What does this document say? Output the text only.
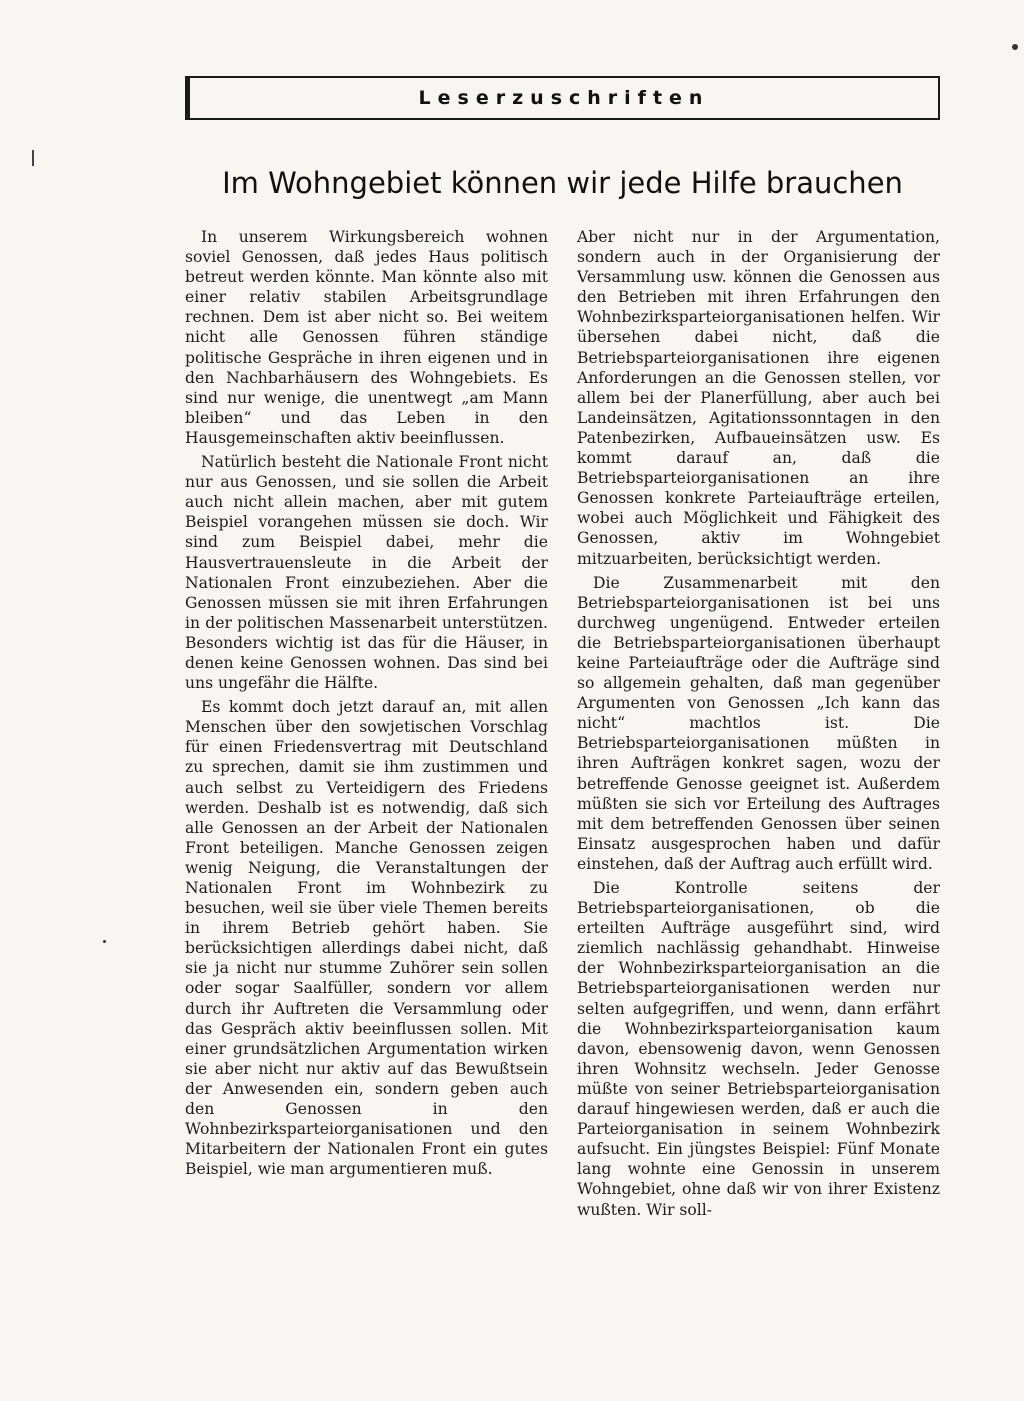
Leserzuschriften
Im Wohngebiet können wir jede Hilfe brauchen

In unserem Wirkungsbereich wohnen soviel Genossen, daß jedes Haus politisch betreut werden könnte. Man könnte also mit einer relativ stabilen Arbeitsgrundlage rechnen. Dem ist aber nicht so. Bei weitem nicht alle Genossen führen ständige politische Gespräche in ihren eigenen und in den Nachbarhäusern des Wohngebiets. Es sind nur wenige, die unentwegt „am Mann bleiben“ und das Leben in den Hausgemeinschaften aktiv beeinflussen.

Natürlich besteht die Nationale Front nicht nur aus Genossen, und sie sollen die Arbeit auch nicht allein machen, aber mit gutem Beispiel vorangehen müssen sie doch. Wir sind zum Beispiel dabei, mehr die Hausvertrauensleute in die Arbeit der Nationalen Front einzubeziehen. Aber die Genossen müssen sie mit ihren Erfahrungen in der politischen Massenarbeit unterstützen. Besonders wichtig ist das für die Häuser, in denen keine Genossen wohnen. Das sind bei uns ungefähr die Hälfte.

Es kommt doch jetzt darauf an, mit allen Menschen über den sowjetischen Vorschlag für einen Friedensvertrag mit Deutschland zu sprechen, damit sie ihm zustimmen und auch selbst zu Verteidigern des Friedens werden. Deshalb ist es notwendig, daß sich alle Genossen an der Arbeit der Nationalen Front beteiligen. Manche Genossen zeigen wenig Neigung, die Veranstaltungen der Nationalen Front im Wohnbezirk zu besuchen, weil sie über viele Themen bereits in ihrem Betrieb gehört haben. Sie berücksichtigen allerdings dabei nicht, daß sie ja nicht nur stumme Zuhörer sein sollen oder sogar Saalfüller, sondern vor allem durch ihr Auftreten die Versammlung oder das Gespräch aktiv beeinflussen sollen. Mit einer grundsätzlichen Argumentation wirken sie aber nicht nur aktiv auf das Bewußtsein der Anwesenden ein, sondern geben auch den Genossen in den Wohnbezirksparteiorganisationen und den Mitarbeitern der Nationalen Front ein gutes Beispiel, wie man argumentieren muß.

Aber nicht nur in der Argumentation, sondern auch in der Organisierung der Versammlung usw. können die Genossen aus den Betrieben mit ihren Erfahrungen den Wohnbezirksparteiorganisationen helfen. Wir übersehen dabei nicht, daß die Betriebsparteiorganisationen ihre eigenen Anforderungen an die Genossen stellen, vor allem bei der Planerfüllung, aber auch bei Landeinsätzen, Agitationssonntagen in den Patenbezirken, Aufbaueinsätzen usw. Es kommt darauf an, daß die Betriebsparteiorganisationen an ihre Genossen konkrete Parteiaufträge erteilen, wobei auch Möglichkeit und Fähigkeit des Genossen, aktiv im Wohngebiet mitzuarbeiten, berücksichtigt werden.

Die Zusammenarbeit mit den Betriebsparteiorganisationen ist bei uns durchweg ungenügend. Entweder erteilen die Betriebsparteiorganisationen überhaupt keine Parteiaufträge oder die Aufträge sind so allgemein gehalten, daß man gegenüber Argumenten von Genossen „Ich kann das nicht“ machtlos ist. Die Betriebsparteiorganisationen müßten in ihren Aufträgen konkret sagen, wozu der betreffende Genosse geeignet ist. Außerdem müßten sie sich vor Erteilung des Auftrages mit dem betreffenden Genossen über seinen Einsatz ausgesprochen haben und dafür einstehen, daß der Auftrag auch erfüllt wird.

Die Kontrolle seitens der Betriebsparteiorganisationen, ob die erteilten Aufträge ausgeführt sind, wird ziemlich nachlässig gehandhabt. Hinweise der Wohnbezirksparteiorganisation an die Betriebsparteiorganisationen werden nur selten aufgegriffen, und wenn, dann erfährt die Wohnbezirksparteiorganisation kaum davon, ebensowenig davon, wenn Genossen ihren Wohnsitz wechseln. Jeder Genosse müßte von seiner Betriebsparteiorganisation darauf hingewiesen werden, daß er auch die Parteiorganisation in seinem Wohnbezirk aufsucht. Ein jüngstes Beispiel: Fünf Monate lang wohnte eine Genossin in unserem Wohngebiet, ohne daß wir von ihrer Existenz wußten. Wir soll-
